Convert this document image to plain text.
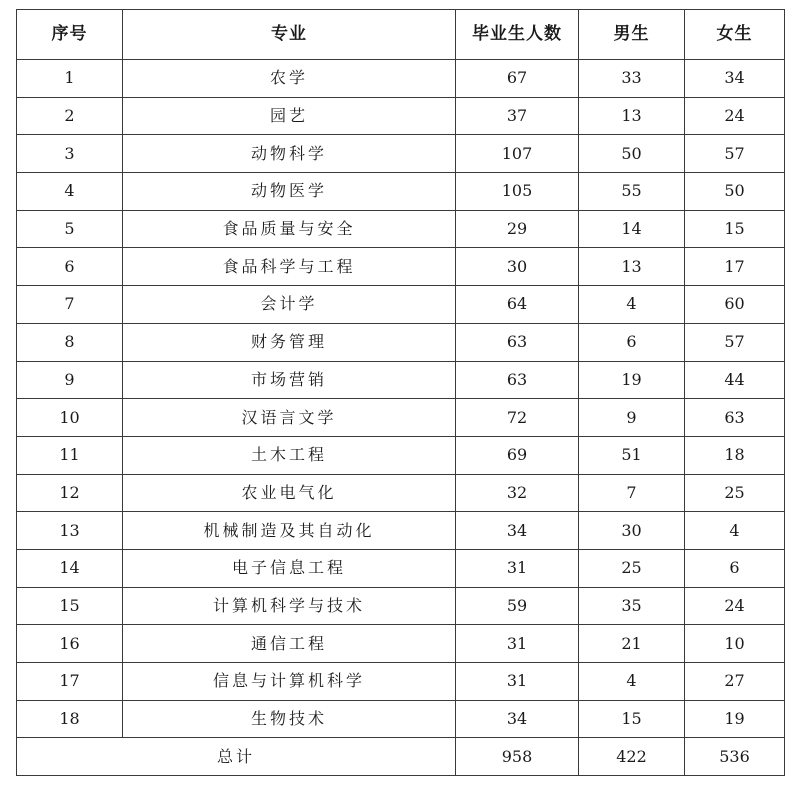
序号	专业	毕业生人数	男生	女生
1	农学	67	33	34
2	园艺	37	13	24
3	动物科学	107	50	57
4	动物医学	105	55	50
5	食品质量与安全	29	14	15
6	食品科学与工程	30	13	17
7	会计学	64	4	60
8	财务管理	63	6	57
9	市场营销	63	19	44
10	汉语言文学	72	9	63
11	土木工程	69	51	18
12	农业电气化	32	7	25
13	机械制造及其自动化	34	30	4
14	电子信息工程	31	25	6
15	计算机科学与技术	59	35	24
16	通信工程	31	21	10
17	信息与计算机科学	31	4	27
18	生物技术	34	15	19
总计		958	422	536
